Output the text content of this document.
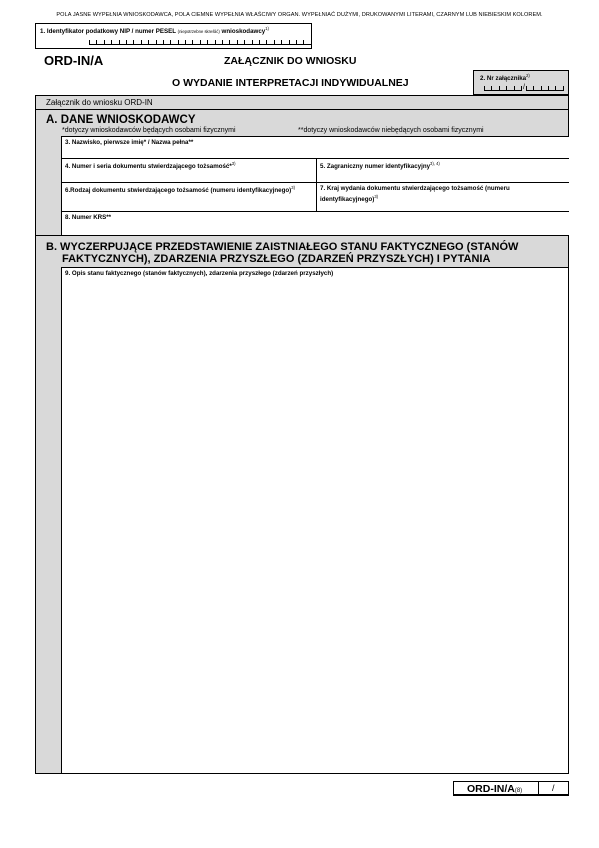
POLA JASNE WYPEŁNIA WNIOSKODAWCA, POLA CIEMNE WYPEŁNIA WŁAŚCIWY ORGAN. WYPEŁNIAĆ DUŻYMI, DRUKOWANYMI LITERAMI, CZARNYM LUB NIEBIESKIM KOLOREM.
1. Identyfikator podatkowy NIP / numer PESEL (niepotrzebne skreślić) wnioskodawcy$^{1)}$
ORD-IN/A	ZAŁĄCZNIK DO WNIOSKU
O WYDANIE INTERPRETACJI INDYWIDUALNEJ	2. Nr załącznika$^{2)}$
/
Załącznik do wniosku ORD-IN
A. DANE WNIOSKODAWCY
*dotyczy wnioskodawców będących osobami fizycznymi	**dotyczy wnioskodawców niebędących osobami fizycznymi
3. Nazwisko, pierwsze imię* / Nazwa pełna**
4. Numer i seria dokumentu stwierdzającego tożsamość*$^{3)}$	5. Zagraniczny numer identyfikacyjny$^{3), 4)}$
6.Rodzaj dokumentu stwierdzającego tożsamość (numeru identyfikacyjnego)$^{3)}$	7. Kraj wydania dokumentu stwierdzającego tożsamość (numeru identyfikacyjnego)$^{3)}$
8. Numer KRS**
B. WYCZERPUJĄCE PRZEDSTAWIENIE ZAISTNIAŁEGO STANU FAKTYCZNEGO (STANÓW
FAKTYCZNYCH), ZDARZENIA PRZYSZŁEGO (ZDARZEŃ PRZYSZŁYCH) I PYTANIA
9. Opis stanu faktycznego (stanów faktycznych), zdarzenia przyszłego (zdarzeń przyszłych)
ORD-IN/A(8)	/
